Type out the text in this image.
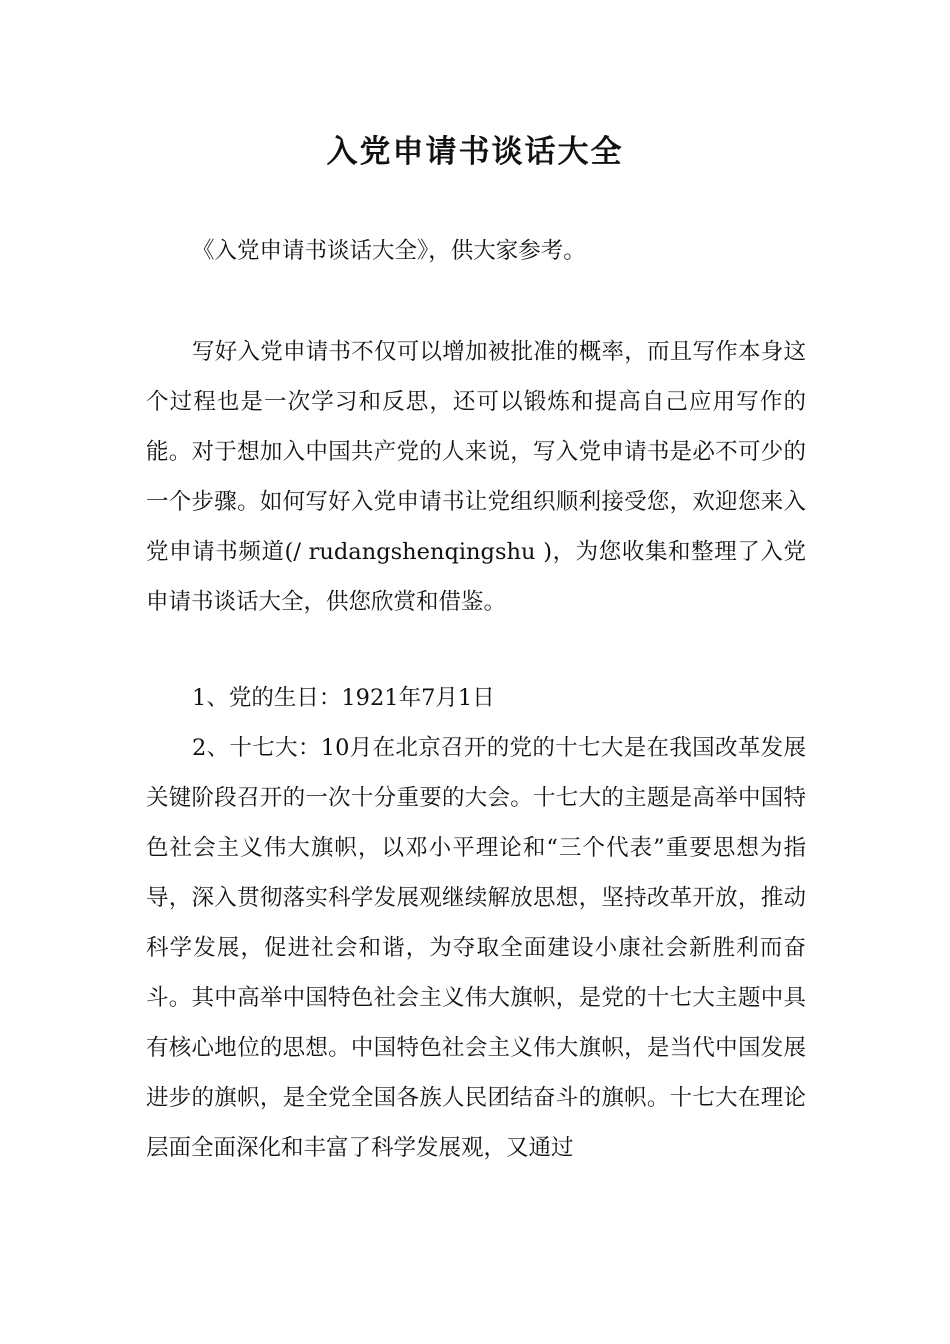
入党申请书谈话大全

《入党申请书谈话大全》，供大家参考。

写好入党申请书不仅可以增加被批准的概率，而且写作本身这个过程也是一次学习和反思，还可以锻炼和提高自己应用写作的能。对于想加入中国共产党的人来说，写入党申请书是必不可少的一个步骤。如何写好入党申请书让党组织顺利接受您，欢迎您来入党申请书频道(/ rudangshenqingshu )，为您收集和整理了入党申请书谈话大全，供您欣赏和借鉴。

1、党的生日：1921年7月1日

2、十七大：10月在北京召开的党的十七大是在我国改革发展关键阶段召开的一次十分重要的大会。十七大的主题是高举中国特色社会主义伟大旗帜，以邓小平理论和“三个代表”重要思想为指导，深入贯彻落实科学发展观继续解放思想，坚持改革开放，推动科学发展，促进社会和谐，为夺取全面建设小康社会新胜利而奋斗。其中高举中国特色社会主义伟大旗帜，是党的十七大主题中具有核心地位的思想。中国特色社会主义伟大旗帜，是当代中国发展进步的旗帜，是全党全国各族人民团结奋斗的旗帜。十七大在理论层面全面深化和丰富了科学发展观，又通过
